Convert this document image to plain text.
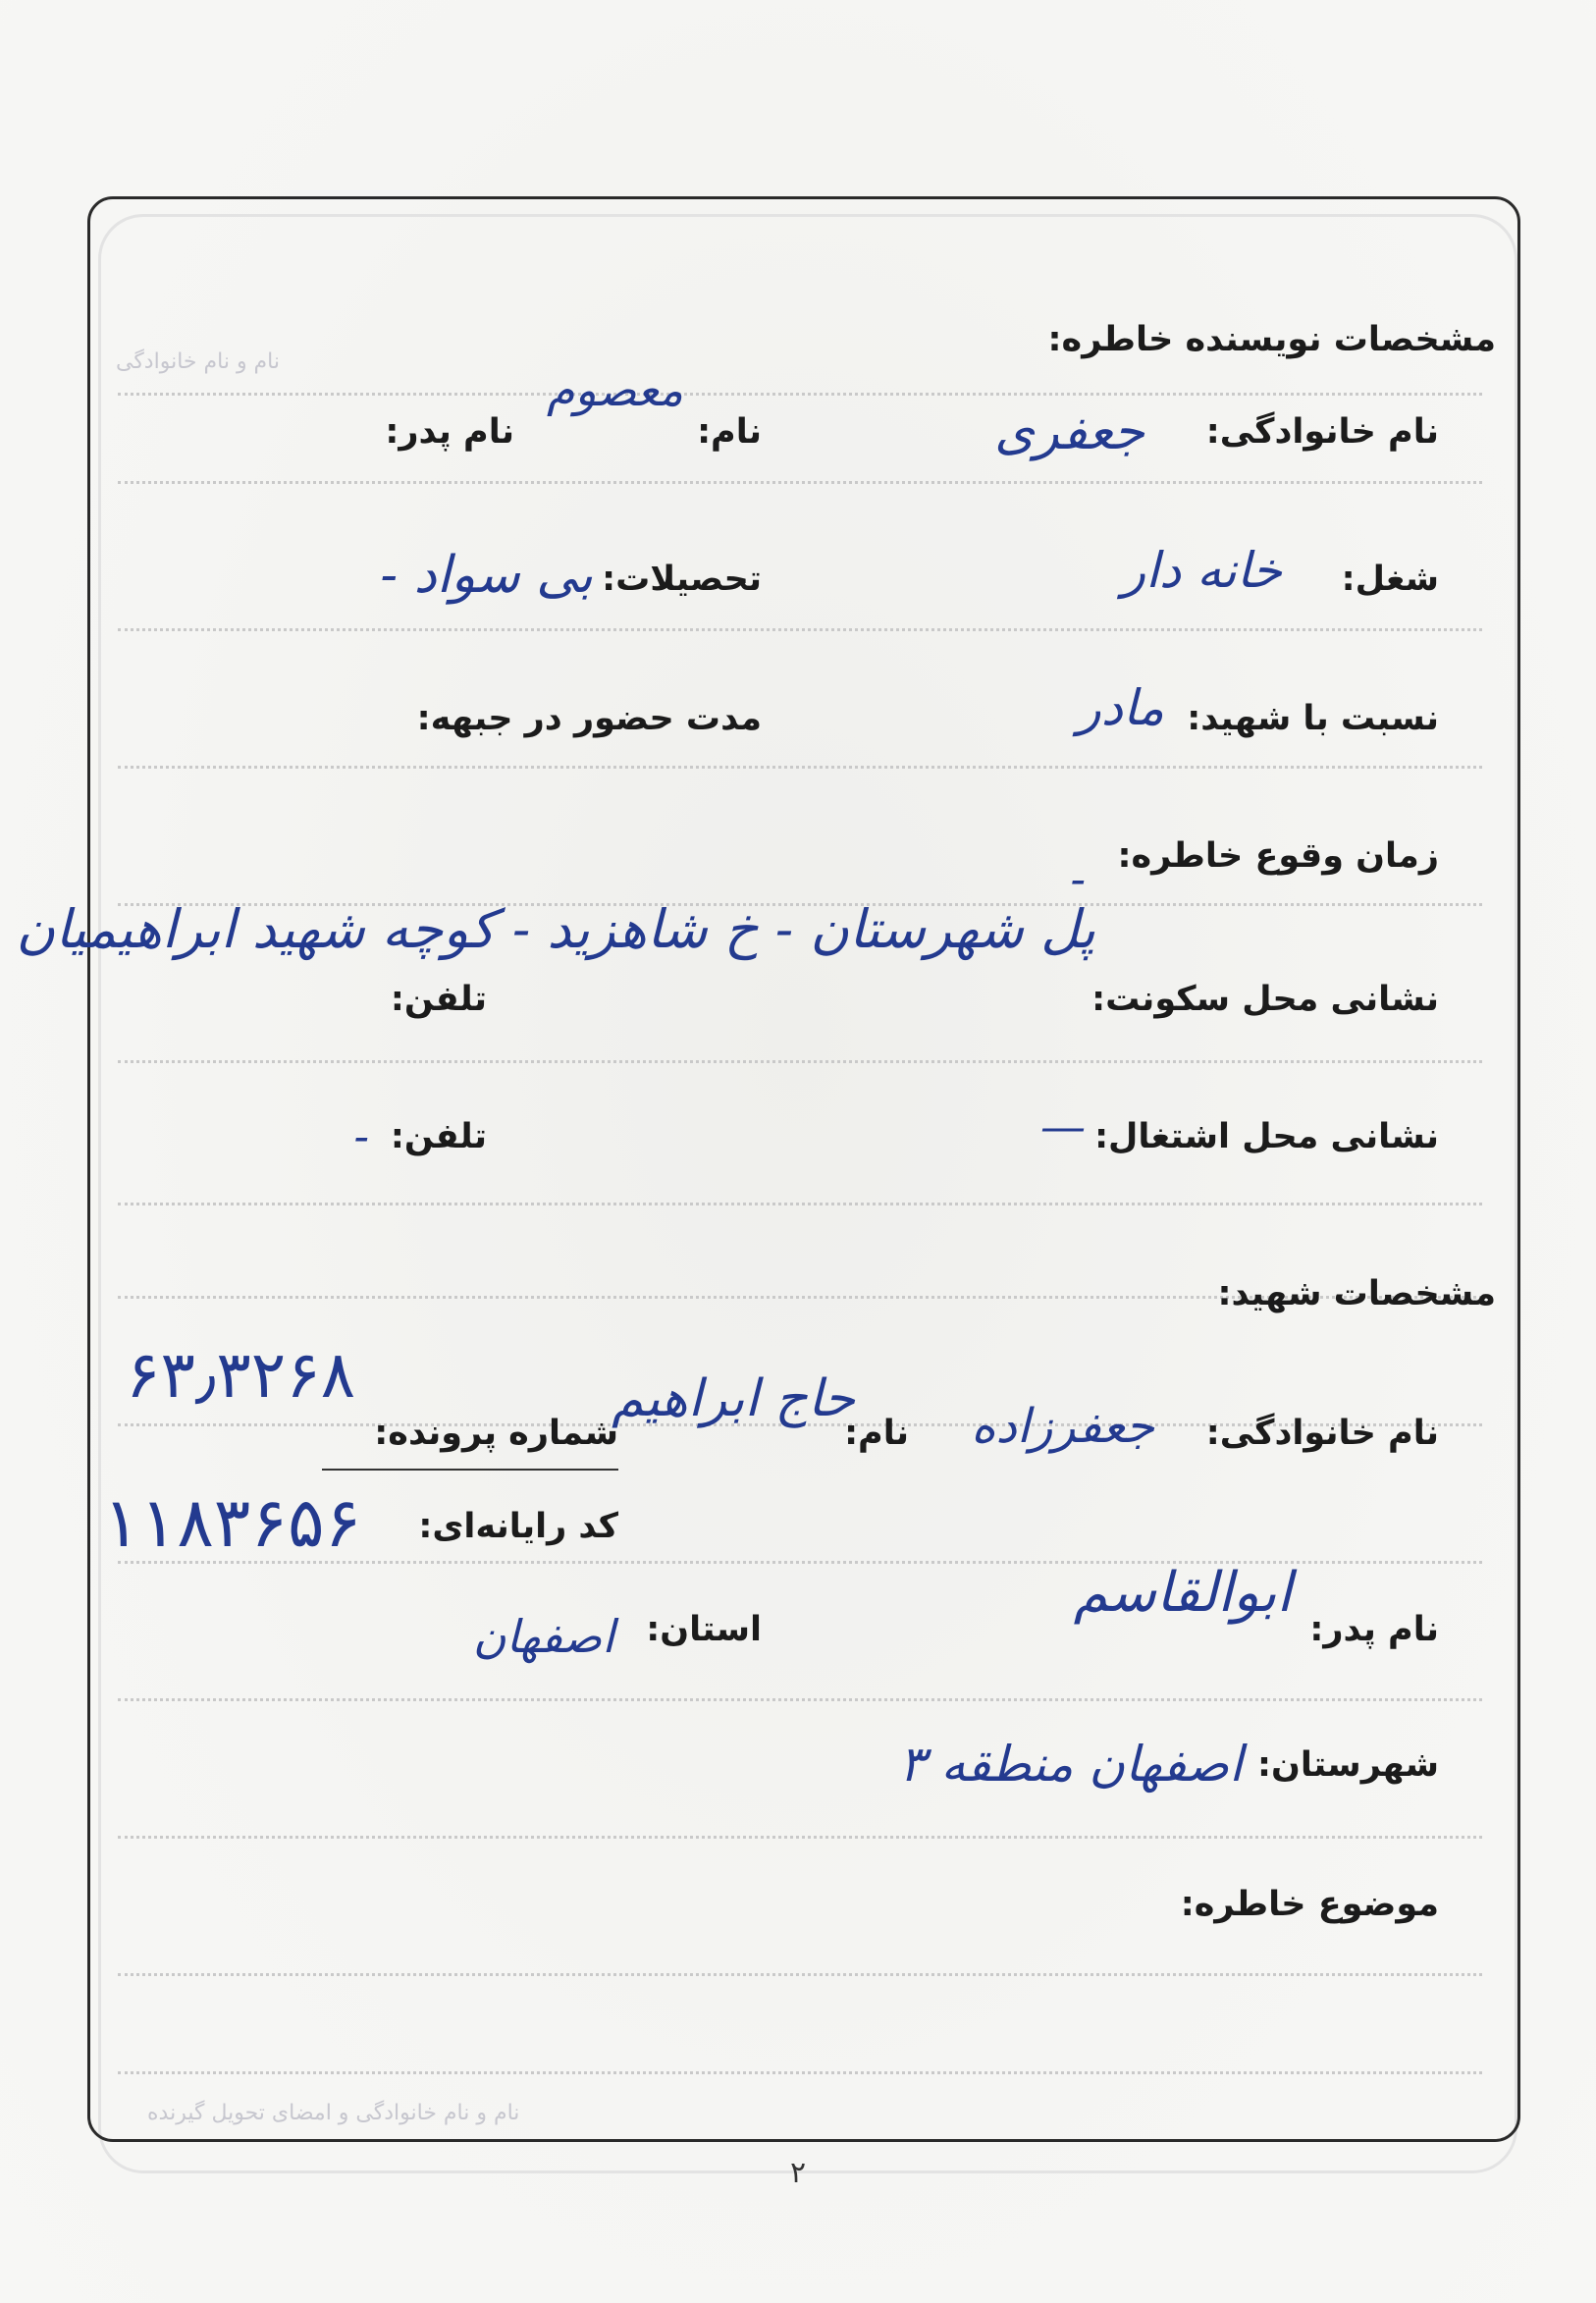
نام و نام خانوادگی
نام و نام خانوادگی و امضای تحویل گیرنده
مشخصات نویسنده خاطره:
نام خانوادگی:
جعفری
نام:
معصوم
نام پدر:
شغل:
خانه دار
تحصیلات:
بی سواد -
نسبت با شهید:
مادر
مدت حضور در جبهه:
زمان وقوع خاطره:
-
نشانی محل سکونت:
پل شهرستان - خ شاهزید - کوچه شهید ابراهیمیان
تلفن:
نشانی محل اشتغال:
—
تلفن:
-
مشخصات شهید:
نام خانوادگی:
جعفرزاده
نام:
حاج ابراهیم
شماره پرونده:
۶۳٫۳۲۶۸
کد رایانه‌ای:
۱۱۸۳۶۵۶
نام پدر:
ابوالقاسم
استان:
اصفهان
شهرستان:
اصفهان منطقه ۳
موضوع خاطره:
۲
